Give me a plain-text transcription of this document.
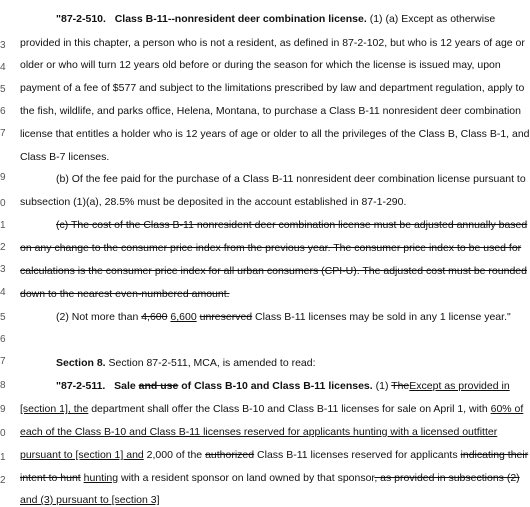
3
4
5
6
7
9
0
1
2
3
4
5
6
7
8
9
0
1
2
"87-2-510. Class B-11--nonresident deer combination license. (1) (a) Except as otherwise
provided in this chapter, a person who is not a resident, as defined in 87-2-102, but who is 12 years of age or
older or who will turn 12 years old before or during the season for which the license is issued may, upon
payment of a fee of $577 and subject to the limitations prescribed by law and department regulation, apply to
the fish, wildlife, and parks office, Helena, Montana, to purchase a Class B-11 nonresident deer combination
license that entitles a holder who is 12 years of age or older to all the privileges of the Class B, Class B-1, and
Class B-7 licenses.
(b) Of the fee paid for the purchase of a Class B-11 nonresident deer combination license pursuant to
subsection (1)(a), 28.5% must be deposited in the account established in 87-1-290.
(c) The cost of the Class B-11 nonresident deer combination license must be adjusted annually based
on any change to the consumer price index from the previous year. The consumer price index to be used for
calculations is the consumer price index for all urban consumers (CPI-U). The adjusted cost must be rounded
down to the nearest even-numbered amount.
(2) Not more than 4,600 6,600 unreserved Class B-11 licenses may be sold in any 1 license year."
Section 8. Section 87-2-511, MCA, is amended to read:
"87-2-511. Sale and use of Class B-10 and Class B-11 licenses. (1) TheExcept as provided in
[section 1], the department shall offer the Class B-10 and Class B-11 licenses for sale on April 1, with 60% of
each of the Class B-10 and Class B-11 licenses reserved for applicants hunting with a licensed outfitter
pursuant to [section 1] and 2,000 of the authorized Class B-11 licenses reserved for applicants indicating their
intent to hunt hunting with a resident sponsor on land owned by that sponsor, as provided in subsections (2)
and (3) pursuant to [section 3]
